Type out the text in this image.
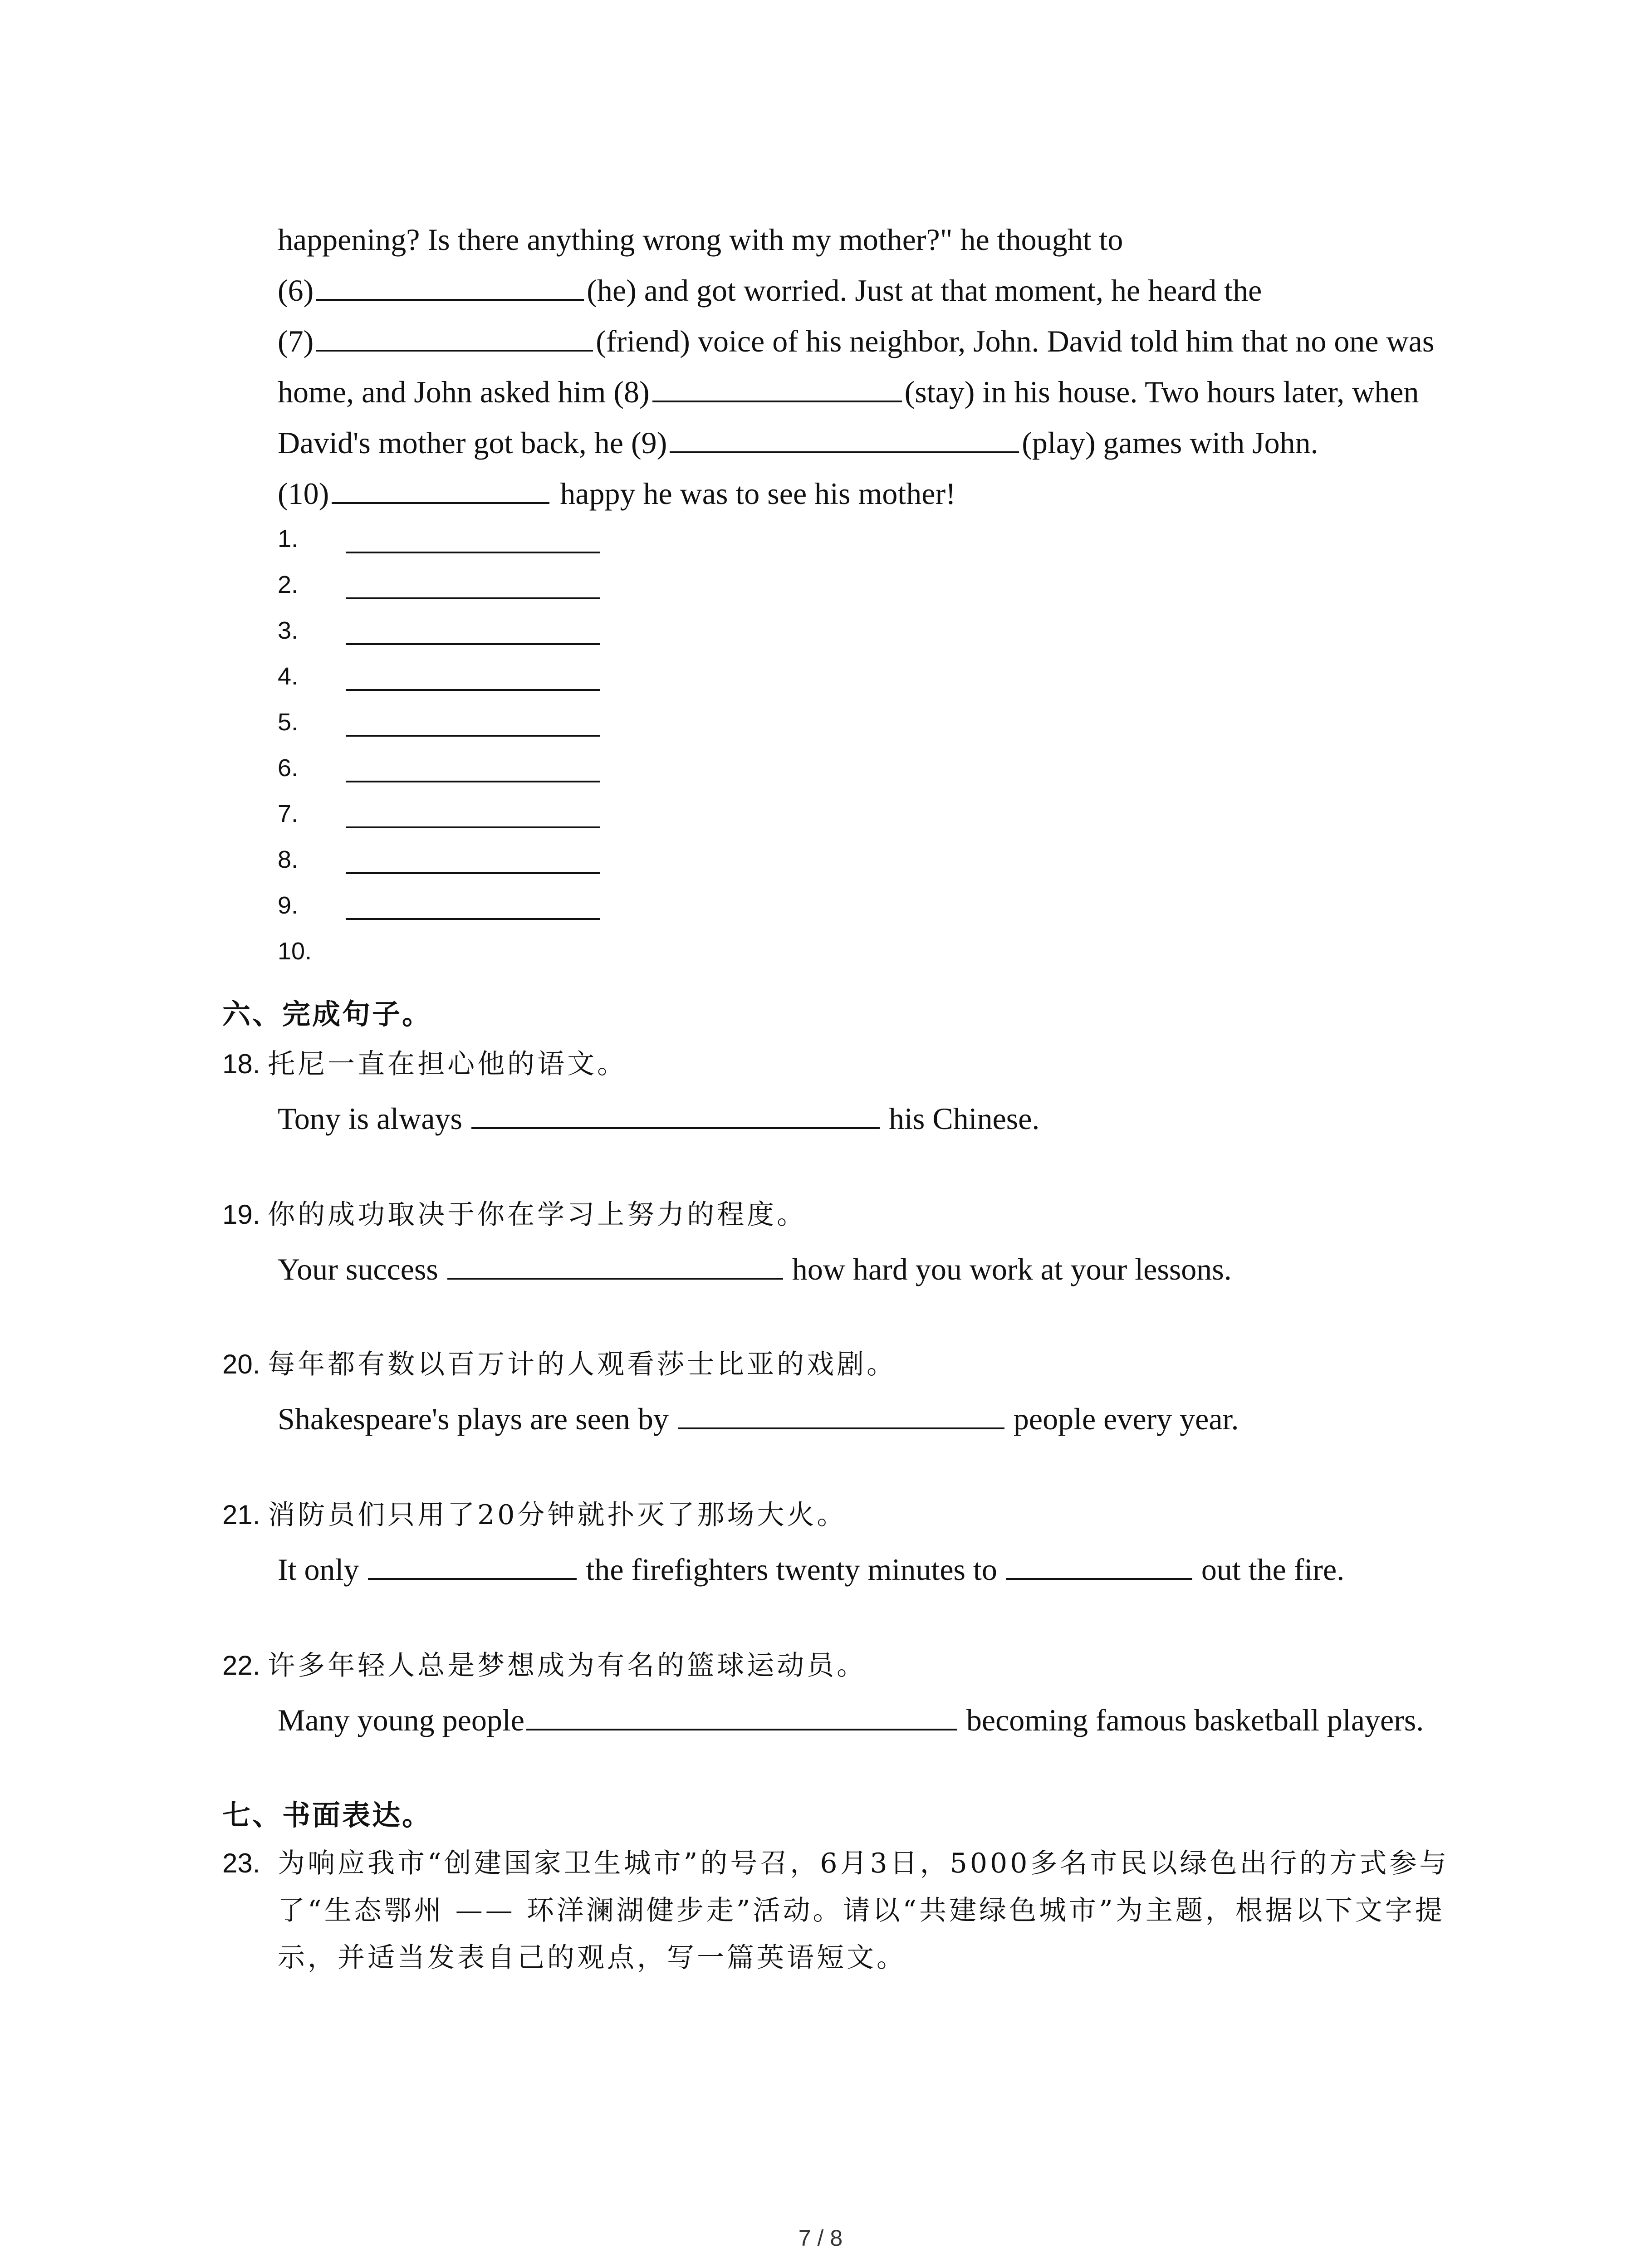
happening? Is there anything wrong with my mother?" he thought to
(6)	(he) and got worried. Just at that moment, he heard the
(7)	(friend) voice of his neighbor, John. David told him that no one was
home, and John asked him (8)	(stay) in his house. Two hours later, when
David's mother got back, he (9)	(play) games with John.
(10)	happy he was to see his mother!
1.
2.
3.
4.
5.
6.
7.
8.
9.
10.
六、完成句子。
18. 托尼一直在担心他的语文。
Tony is always	his Chinese.
19. 你的成功取决于你在学习上努力的程度。
Your success	how hard you work at your lessons.
20. 每年都有数以百万计的人观看莎士比亚的戏剧。
Shakespeare's plays are seen by	people every year.
21. 消防员们只用了20分钟就扑灭了那场大火。
It only	the firefighters twenty minutes to	out the fire.
22. 许多年轻人总是梦想成为有名的篮球运动员。
Many young people	becoming famous basketball players.
七、书面表达。
23. 为响应我市“创建国家卫生城市”的号召，6月3日，5000多名市民以绿色出行的方式参与
了“生态鄂州 —— 环洋澜湖健步走”活动。请以“共建绿色城市”为主题，根据以下文字提
示，并适当发表自己的观点，写一篇英语短文。
7 / 8
